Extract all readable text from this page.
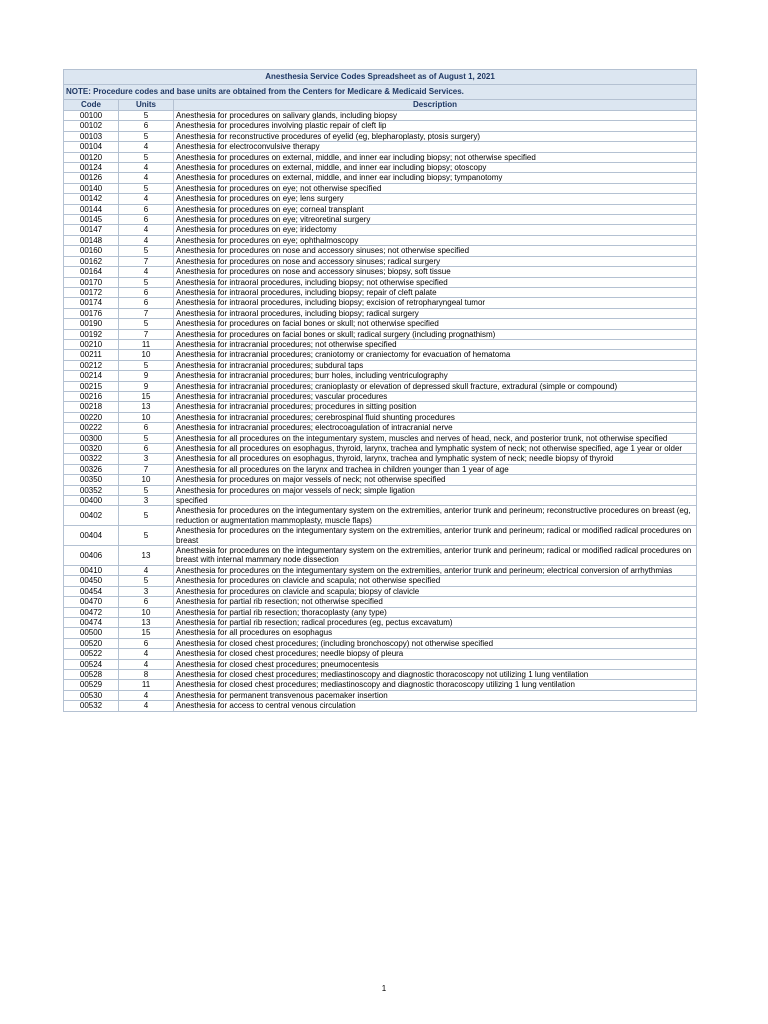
Anesthesia Service Codes Spreadsheet as of August 1, 2021		
NOTE: Procedure codes and base units are obtained from the Centers for Medicare & Medicaid Services.		
Code	Units	Description
00100	5	Anesthesia for procedures on salivary glands, including biopsy
00102	6	Anesthesia for procedures involving plastic repair of cleft lip
00103	5	Anesthesia for reconstructive procedures of eyelid (eg, blepharoplasty, ptosis surgery)
00104	4	Anesthesia for electroconvulsive therapy
00120	5	Anesthesia for procedures on external, middle, and inner ear including biopsy; not otherwise specified
00124	4	Anesthesia for procedures on external, middle, and inner ear including biopsy; otoscopy
00126	4	Anesthesia for procedures on external, middle, and inner ear including biopsy; tympanotomy
00140	5	Anesthesia for procedures on eye; not otherwise specified
00142	4	Anesthesia for procedures on eye; lens surgery
00144	6	Anesthesia for procedures on eye; corneal transplant
00145	6	Anesthesia for procedures on eye; vitreoretinal surgery
00147	4	Anesthesia for procedures on eye; iridectomy
00148	4	Anesthesia for procedures on eye; ophthalmoscopy
00160	5	Anesthesia for procedures on nose and accessory sinuses; not otherwise specified
00162	7	Anesthesia for procedures on nose and accessory sinuses; radical surgery
00164	4	Anesthesia for procedures on nose and accessory sinuses; biopsy, soft tissue
00170	5	Anesthesia for intraoral procedures, including biopsy; not otherwise specified
00172	6	Anesthesia for intraoral procedures, including biopsy; repair of cleft palate
00174	6	Anesthesia for intraoral procedures, including biopsy; excision of retropharyngeal tumor
00176	7	Anesthesia for intraoral procedures, including biopsy; radical surgery
00190	5	Anesthesia for procedures on facial bones or skull; not otherwise specified
00192	7	Anesthesia for procedures on facial bones or skull; radical surgery (including prognathism)
00210	11	Anesthesia for intracranial procedures; not otherwise specified
00211	10	Anesthesia for intracranial procedures; craniotomy or craniectomy for evacuation of hematoma
00212	5	Anesthesia for intracranial procedures; subdural taps
00214	9	Anesthesia for intracranial procedures; burr holes, including ventriculography
00215	9	Anesthesia for intracranial procedures; cranioplasty or elevation of depressed skull fracture, extradural (simple or compound)
00216	15	Anesthesia for intracranial procedures; vascular procedures
00218	13	Anesthesia for intracranial procedures; procedures in sitting position
00220	10	Anesthesia for intracranial procedures; cerebrospinal fluid shunting procedures
00222	6	Anesthesia for intracranial procedures; electrocoagulation of intracranial nerve
00300	5	Anesthesia for all procedures on the integumentary system, muscles and nerves of head, neck, and posterior trunk, not otherwise specified
00320	6	Anesthesia for all procedures on esophagus, thyroid, larynx, trachea and lymphatic system of neck; not otherwise specified, age 1 year or older
00322	3	Anesthesia for all procedures on esophagus, thyroid, larynx, trachea and lymphatic system of neck; needle biopsy of thyroid
00326	7	Anesthesia for all procedures on the larynx and trachea in children younger than 1 year of age
00350	10	Anesthesia for procedures on major vessels of neck; not otherwise specified
00352	5	Anesthesia for procedures on major vessels of neck; simple ligation
00400	3	specified
00402	5	Anesthesia for procedures on the integumentary system on the extremities, anterior trunk and perineum; reconstructive procedures on breast (eg, reduction or augmentation mammoplasty, muscle flaps)
00404	5	Anesthesia for procedures on the integumentary system on the extremities, anterior trunk and perineum; radical or modified radical procedures on breast
00406	13	Anesthesia for procedures on the integumentary system on the extremities, anterior trunk and perineum; radical or modified radical procedures on breast with internal mammary node dissection
00410	4	Anesthesia for procedures on the integumentary system on the extremities, anterior trunk and perineum; electrical conversion of arrhythmias
00450	5	Anesthesia for procedures on clavicle and scapula; not otherwise specified
00454	3	Anesthesia for procedures on clavicle and scapula; biopsy of clavicle
00470	6	Anesthesia for partial rib resection; not otherwise specified
00472	10	Anesthesia for partial rib resection; thoracoplasty (any type)
00474	13	Anesthesia for partial rib resection; radical procedures (eg, pectus excavatum)
00500	15	Anesthesia for all procedures on esophagus
00520	6	Anesthesia for closed chest procedures; (including bronchoscopy) not otherwise specified
00522	4	Anesthesia for closed chest procedures; needle biopsy of pleura
00524	4	Anesthesia for closed chest procedures; pneumocentesis
00528	8	Anesthesia for closed chest procedures; mediastinoscopy and diagnostic thoracoscopy not utilizing 1 lung ventilation
00529	11	Anesthesia for closed chest procedures; mediastinoscopy and diagnostic thoracoscopy utilizing 1 lung ventilation
00530	4	Anesthesia for permanent transvenous pacemaker insertion
00532	4	Anesthesia for access to central venous circulation
1
